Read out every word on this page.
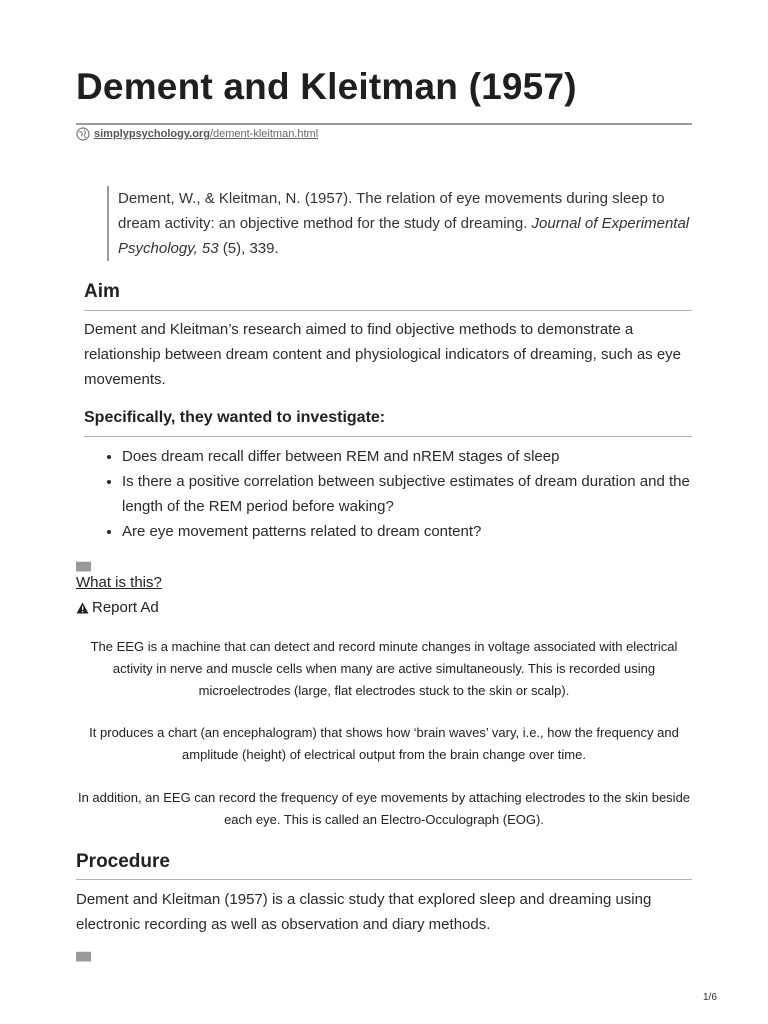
Dement and Kleitman (1957)
simplypsychology.org/dement-kleitman.html
Dement, W., & Kleitman, N. (1957). The relation of eye movements during sleep to dream activity: an objective method for the study of dreaming. Journal of Experimental Psychology, 53 (5), 339.
Aim

Dement and Kleitman’s research aimed to find objective methods to demonstrate a relationship between dream content and physiological indicators of dreaming, such as eye movements.

Specifically, they wanted to investigate:
• Does dream recall differ between REM and nREM stages of sleep
• Is there a positive correlation between subjective estimates of dream duration and the length of the REM period before waking?
• Are eye movement patterns related to dream content?
███′
What is this?
Report Ad

The EEG is a machine that can detect and record minute changes in voltage associated with electrical activity in nerve and muscle cells when many are active simultaneously. This is recorded using microelectrodes (large, flat electrodes stuck to the skin or scalp).

It produces a chart (an encephalogram) that shows how ‘brain waves’ vary, i.e., how the frequency and amplitude (height) of electrical output from the brain change over time.

In addition, an EEG can record the frequency of eye movements by attaching electrodes to the skin beside each eye. This is called an Electro-Occulograph (EOG).

Procedure

Dement and Kleitman (1957) is a classic study that explored sleep and dreaming using electronic recording as well as observation and diary methods.

███′
1/6
